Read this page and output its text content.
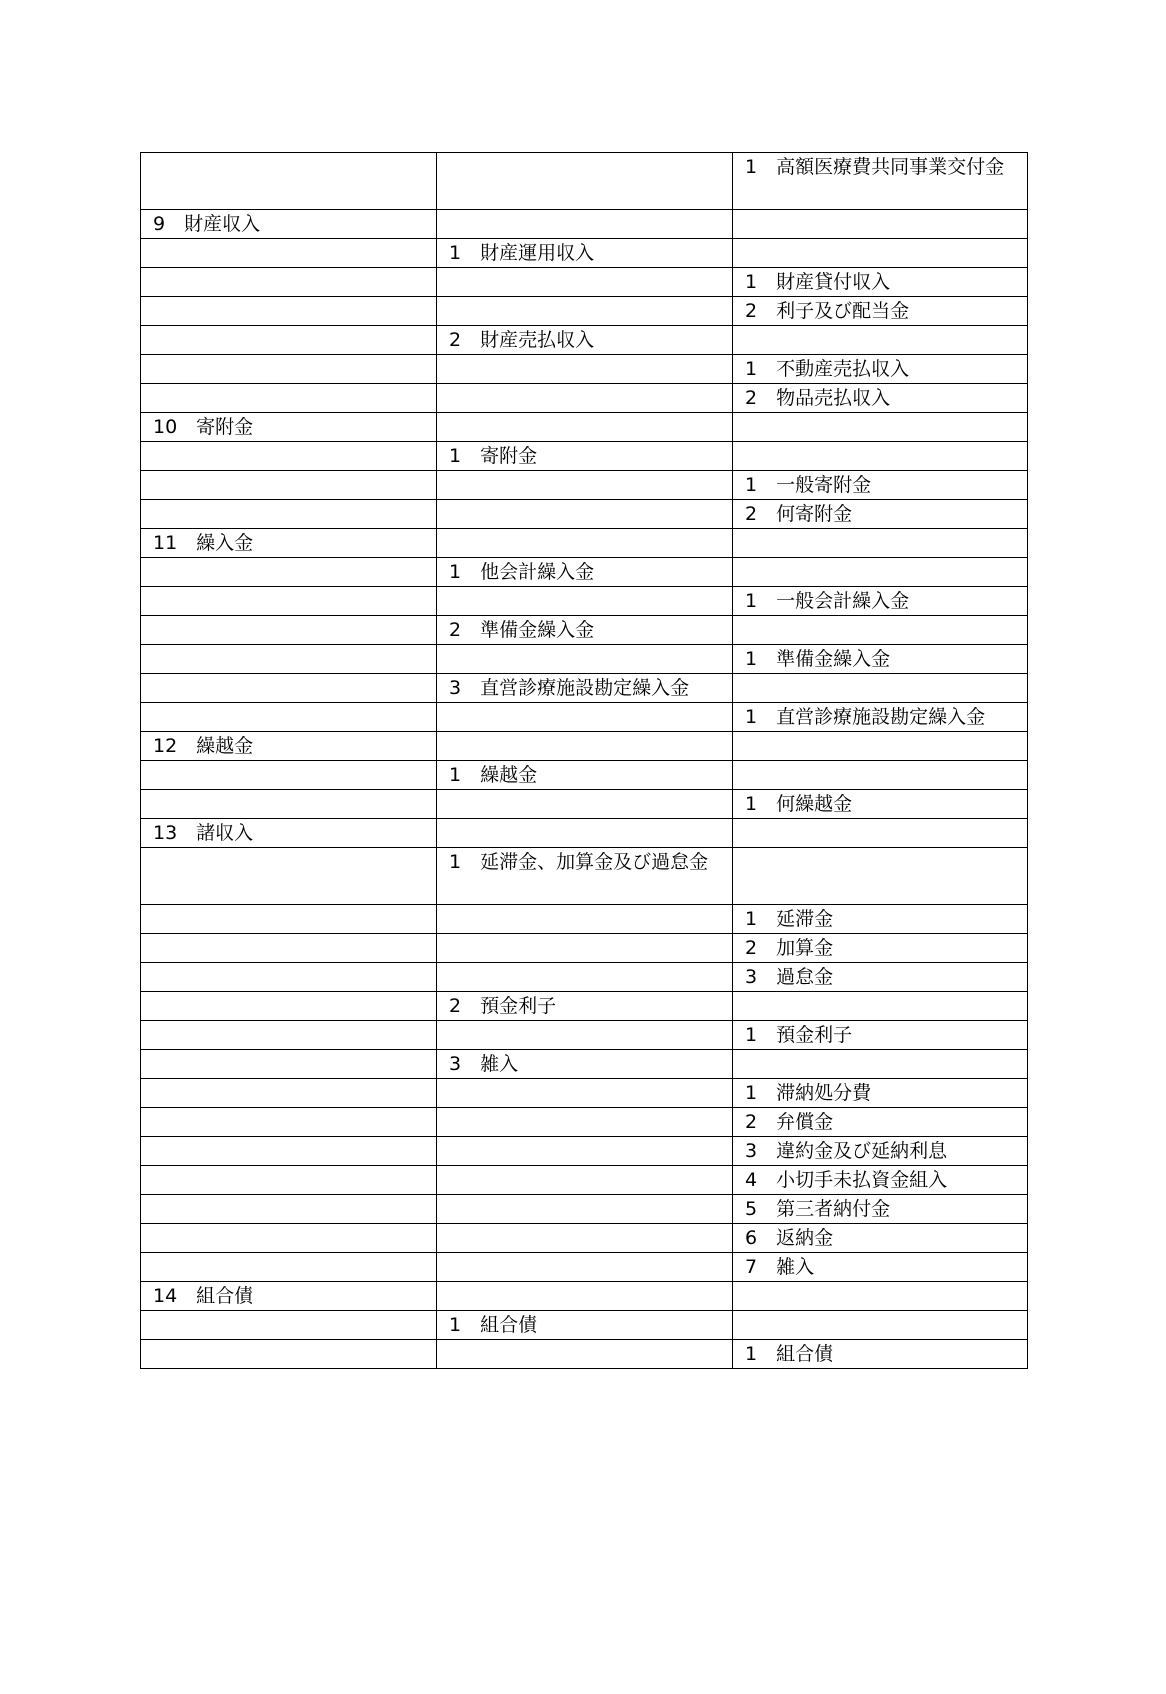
		1　高額医療費共同事業交付金
9　財産収入		
	1　財産運用収入	
		1　財産貸付収入
		2　利子及び配当金
	2　財産売払収入	
		1　不動産売払収入
		2　物品売払収入
10　寄附金		
	1　寄附金	
		1　一般寄附金
		2　何寄附金
11　繰入金		
	1　他会計繰入金	
		1　一般会計繰入金
	2　準備金繰入金	
		1　準備金繰入金
	3　直営診療施設勘定繰入金	
		1　直営診療施設勘定繰入金
12　繰越金		
	1　繰越金	
		1　何繰越金
13　諸収入		
	1　延滞金、加算金及び過怠金	
		1　延滞金
		2　加算金
		3　過怠金
	2　預金利子	
		1　預金利子
	3　雑入	
		1　滞納処分費
		2　弁償金
		3　違約金及び延納利息
		4　小切手未払資金組入
		5　第三者納付金
		6　返納金
		7　雑入
14　組合債		
	1　組合債	
		1　組合債
